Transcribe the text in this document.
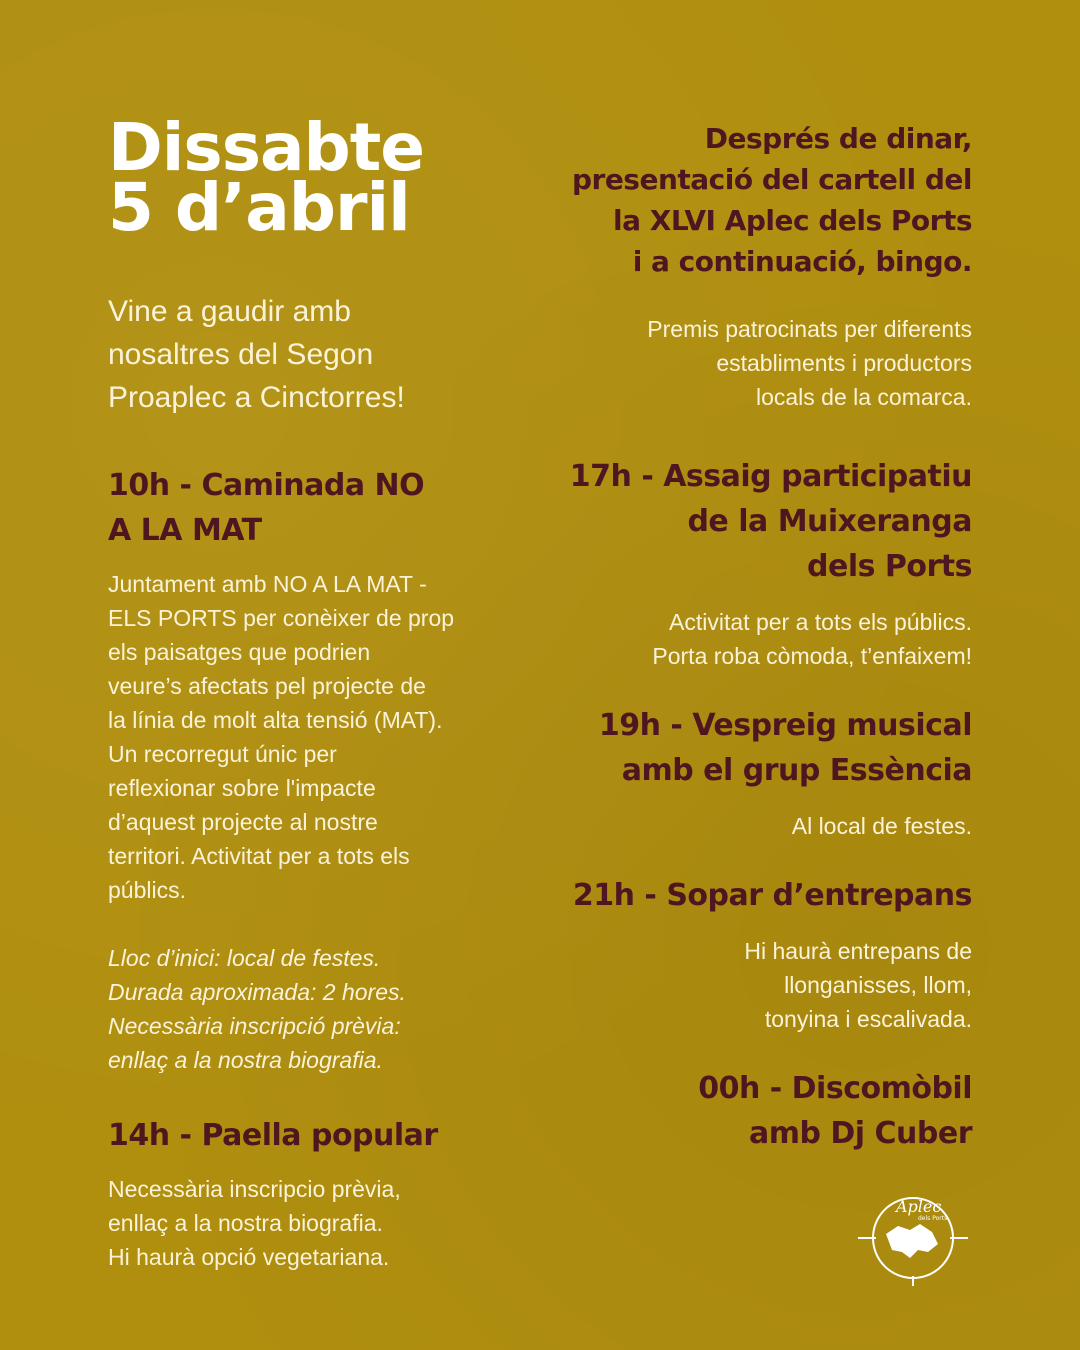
Dissabte
5 d’abril

Vine a gaudir amb
nosaltres del Segon
Proaplec a Cinctorres!

10h - Caminada NO
A LA MAT

Juntament amb NO A LA MAT -
ELS PORTS per conèixer de prop
els paisatges que podrien
veure’s afectats pel projecte de
la línia de molt alta tensió (MAT).
Un recorregut únic per
reflexionar sobre l'impacte
d’aquest projecte al nostre
territori. Activitat per a tots els
públics.

Lloc d’inici: local de festes.
Durada aproximada: 2 hores.
Necessària inscripció prèvia:
enllaç a la nostra biografia.

14h - Paella popular

Necessària inscripcio prèvia,
enllaç a la nostra biografia.
Hi haurà opció vegetariana.

Després de dinar,
presentació del cartell del
la XLVI Aplec dels Ports
i a continuació, bingo.

Premis patrocinats per diferents
establiments i productors
locals de la comarca.

17h - Assaig participatiu
de la Muixeranga
dels Ports

Activitat per a tots els públics.
Porta roba còmoda, t’enfaixem!

19h - Vespreig musical
amb el grup Essència

Al local de festes.

21h - Sopar d’entrepans

Hi haurà entrepans de
llonganisses, llom,
tonyina i escalivada.

00h - Discomòbil
amb Dj Cuber
Aplec
dels Ports
